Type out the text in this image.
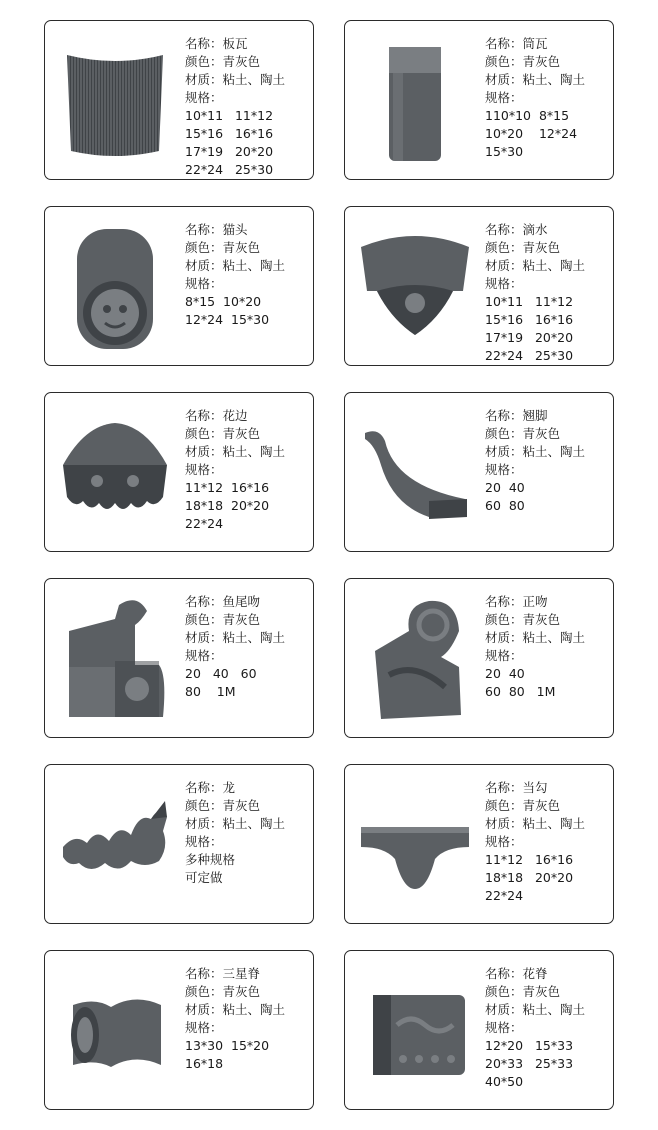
名称：板瓦
颜色：青灰色
材质：粘土、陶土
规格：
10*11   11*12
15*16   16*16
17*19   20*20
22*24   25*30
名称：筒瓦
颜色：青灰色
材质：粘土、陶土
规格：
110*10  8*15
10*20    12*24
15*30
名称：猫头
颜色：青灰色
材质：粘土、陶土
规格：
8*15  10*20
12*24  15*30
名称：滴水
颜色：青灰色
材质：粘土、陶土
规格：
10*11   11*12
15*16   16*16
17*19   20*20
22*24   25*30
名称：花边
颜色：青灰色
材质：粘土、陶土
规格：
11*12  16*16
18*18  20*20
22*24
名称：翘脚
颜色：青灰色
材质：粘土、陶土
规格：
20  40
60  80
名称：鱼尾吻
颜色：青灰色
材质：粘土、陶土
规格：
20   40   60
80    1M
名称：正吻
颜色：青灰色
材质：粘土、陶土
规格：
20  40
60  80   1M
名称：龙
颜色：青灰色
材质：粘土、陶土
规格：
多种规格
可定做
名称：当勾
颜色：青灰色
材质：粘土、陶土
规格：
11*12   16*16
18*18   20*20
22*24
名称：三星脊
颜色：青灰色
材质：粘土、陶土
规格：
13*30  15*20
16*18
名称：花脊
颜色：青灰色
材质：粘土、陶土
规格：
12*20   15*33
20*33   25*33
40*50
